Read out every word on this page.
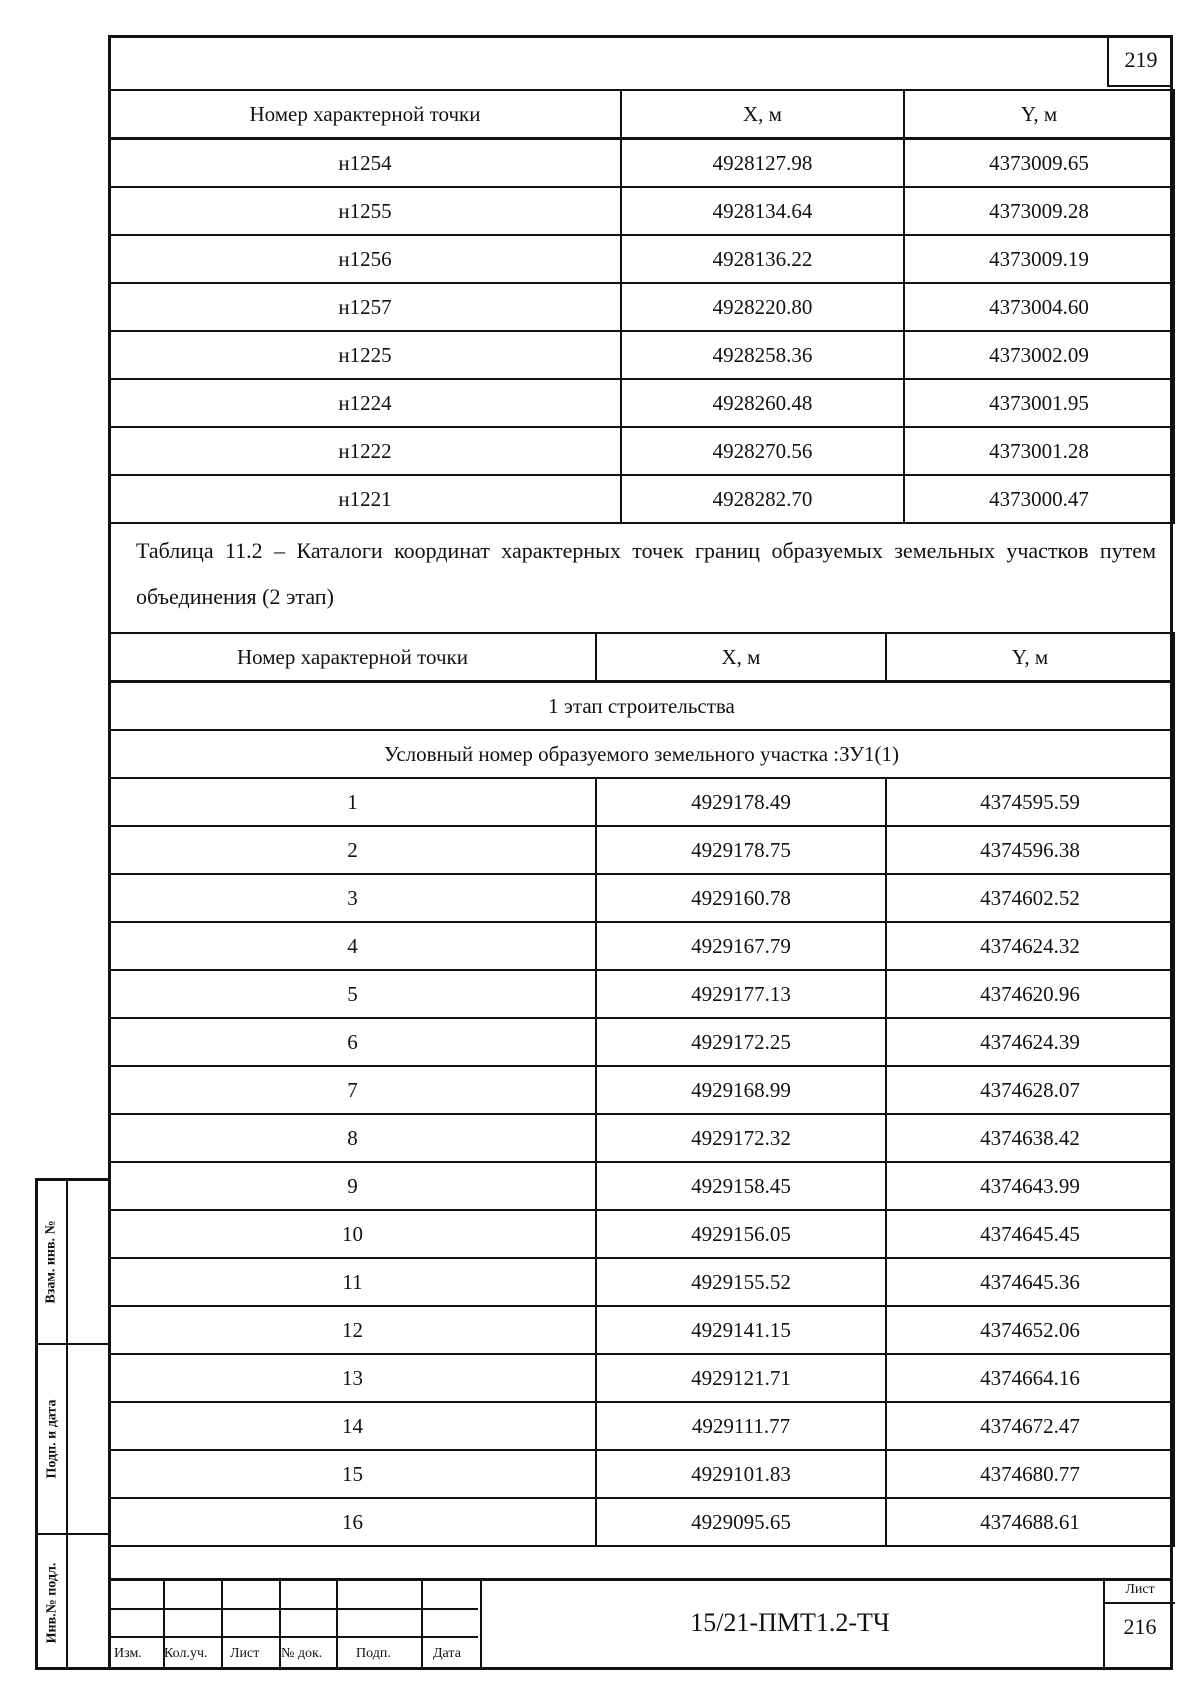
219
Номер характерной точки	X, м	Y, м
н1254	4928127.98	4373009.65
н1255	4928134.64	4373009.28
н1256	4928136.22	4373009.19
н1257	4928220.80	4373004.60
н1225	4928258.36	4373002.09
н1224	4928260.48	4373001.95
н1222	4928270.56	4373001.28
н1221	4928282.70	4373000.47
Таблица 11.2 – Каталоги координат характерных точек границ образуемых земельных участков путем объединения (2 этап)
Номер характерной точки	X, м	Y, м
1 этап строительства		
Условный номер образуемого земельного участка :ЗУ1(1)		
1	4929178.49	4374595.59
2	4929178.75	4374596.38
3	4929160.78	4374602.52
4	4929167.79	4374624.32
5	4929177.13	4374620.96
6	4929172.25	4374624.39
7	4929168.99	4374628.07
8	4929172.32	4374638.42
9	4929158.45	4374643.99
10	4929156.05	4374645.45
11	4929155.52	4374645.36
12	4929141.15	4374652.06
13	4929121.71	4374664.16
14	4929111.77	4374672.47
15	4929101.83	4374680.77
16	4929095.65	4374688.61
Взам. инв. №
Подп. и дата
Инв.№ подл.
Изм. Кол.уч. Лист № док. Подп.	Дата
15/21-ПМТ1.2-ТЧ
Лист
216
